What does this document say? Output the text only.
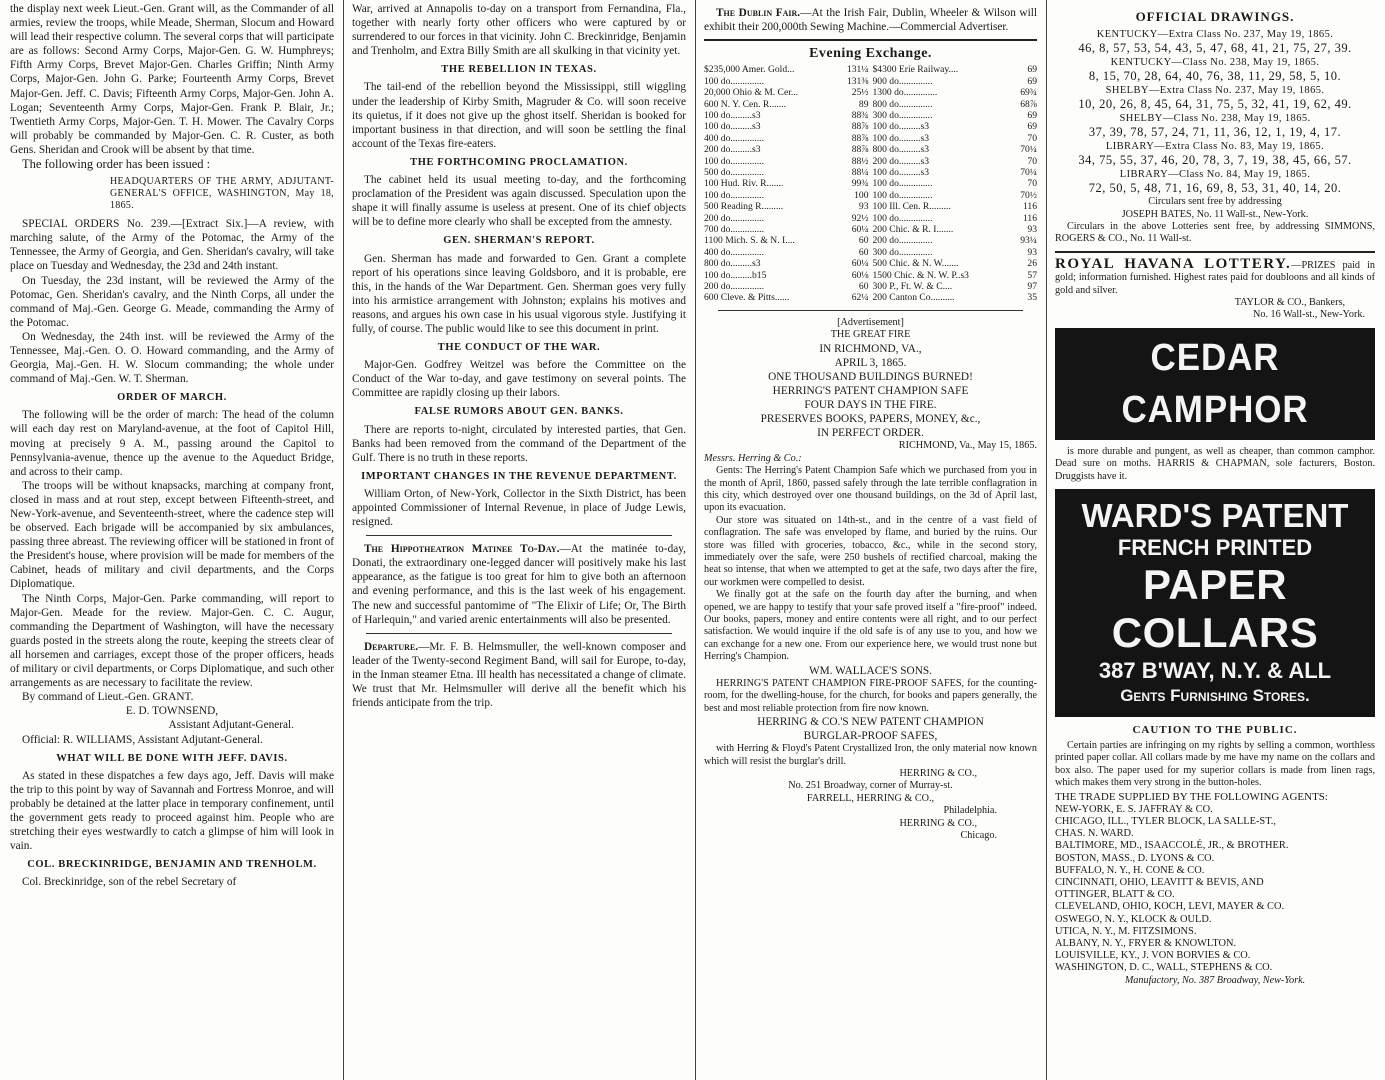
the display next week Lieut.-Gen. Grant will, as the Commander of all armies, review the troops, while Meade, Sherman, Slocum and Howard will lead their respective column. The several corps that will participate are as follows: Second Army Corps, Major-Gen. G. W. Humphreys; Fifth Army Corps, Brevet Major-Gen. Charles Griffin; Ninth Army Corps, Major-Gen. John G. Parke; Fourteenth Army Corps, Brevet Major-Gen. Jeff. C. Davis; Fifteenth Army Corps, Major-Gen. John A. Logan; Seventeenth Army Corps, Major-Gen. Frank P. Blair, Jr.; Twentieth Army Corps, Major-Gen. T. H. Mower. The Cavalry Corps will probably be commanded by Major-Gen. C. R. Custer, as both Gens. Sheridan and Crook will be absent by that time.

The following order has been issued :

HEADQUARTERS OF THE ARMY, ADJUTANT-GENERAL'S OFFICE, WASHINGTON, May 18, 1865.

SPECIAL ORDERS No. 239.—[Extract Six.]—A review, with marching salute, of the Army of the Potomac, the Army of the Tennessee, the Army of Georgia, and Gen. Sheridan's cavalry, will take place on Tuesday and Wednesday, the 23d and 24th instant.

On Tuesday, the 23d instant, will be reviewed the Army of the Potomac, Gen. Sheridan's cavalry, and the Ninth Corps, all under the command of Maj.-Gen. George G. Meade, commanding the Army of the Potomac.

On Wednesday, the 24th inst. will be reviewed the Army of the Tennessee, Maj.-Gen. O. O. Howard commanding, and the Army of Georgia, Maj.-Gen. H. W. Slocum commanding; the whole under command of Maj.-Gen. W. T. Sherman.

ORDER OF MARCH.

The following will be the order of march: The head of the column will each day rest on Maryland-avenue, at the foot of Capitol Hill, moving at precisely 9 A. M., passing around the Capitol to Pennsylvania-avenue, thence up the avenue to the Aqueduct Bridge, and across to their camp.

The troops will be without knapsacks, marching at company front, closed in mass and at rout step, except between Fifteenth-street, and New-York-avenue, and Seventeenth-street, where the cadence step will be observed. Each brigade will be accompanied by six ambulances, passing three abreast. The reviewing officer will be stationed in front of the President's house, where provision will be made for members of the Cabinet, heads of military and civil departments, and the Corps Diplomatique.

The Ninth Corps, Major-Gen. Parke commanding, will report to Major-Gen. Meade for the review. Major-Gen. C. C. Augur, commanding the Department of Washington, will have the necessary guards posted in the streets along the route, keeping the streets clear of all horsemen and carriages, except those of the proper officers, heads of military or civil departments, or Corps Diplomatique, and such other arrangements as are necessary to facilitate the review.

By command of Lieut.-Gen. GRANT.

E. D. TOWNSEND,

Assistant Adjutant-General.

Official: R. WILLIAMS, Assistant Adjutant-General.

WHAT WILL BE DONE WITH JEFF. DAVIS.

As stated in these dispatches a few days ago, Jeff. Davis will make the trip to this point by way of Savannah and Fortress Monroe, and will probably be detained at the latter place in temporary confinement, until the government gets ready to proceed against him. People who are stretching their eyes westwardly to catch a glimpse of him will look in vain.

COL. BRECKINRIDGE, BENJAMIN AND TRENHOLM.

Col. Breckinridge, son of the rebel Secretary of

War, arrived at Annapolis to-day on a transport from Fernandina, Fla., together with nearly forty other officers who were captured by or surrendered to our forces in that vicinity. John C. Breckinridge, Benjamin and Trenholm, and Extra Billy Smith are all skulking in that vicinity yet.

THE REBELLION IN TEXAS.

The tail-end of the rebellion beyond the Mississippi, still wiggling under the leadership of Kirby Smith, Magruder & Co. will soon receive its quietus, if it does not give up the ghost itself. Sheridan is booked for important business in that direction, and will soon be settling the final account of the Texas fire-eaters.

THE FORTHCOMING PROCLAMATION.

The cabinet held its usual meeting to-day, and the forthcoming proclamation of the President was again discussed. Speculation upon the shape it will finally assume is useless at present. One of its chief objects will be to define more clearly who shall be excepted from the amnesty.

GEN. SHERMAN'S REPORT.

Gen. Sherman has made and forwarded to Gen. Grant a complete report of his operations since leaving Goldsboro, and it is probable, ere this, in the hands of the War Department. Gen. Sherman goes very fully into his armistice arrangement with Johnston; explains his motives and reasons, and argues his own case in his usual vigorous style. Justifying it fully, of course. The public would like to see this document in print.

THE CONDUCT OF THE WAR.

Major-Gen. Godfrey Weitzel was before the Committee on the Conduct of the War to-day, and gave testimony on several points. The Committee are rapidly closing up their labors.

FALSE RUMORS ABOUT GEN. BANKS.

There are reports to-night, circulated by interested parties, that Gen. Banks had been removed from the command of the Department of the Gulf. There is no truth in these reports.

IMPORTANT CHANGES IN THE REVENUE DEPARTMENT.

William Orton, of New-York, Collector in the Sixth District, has been appointed Commissioner of Internal Revenue, in place of Judge Lewis, resigned.

The Hippotheatron Matinee To-Day.—At the matinée to-day, Donati, the extraordinary one-legged dancer will positively make his last appearance, as the fatigue is too great for him to give both an afternoon and evening performance, and this is the last week of his engagement. The new and successful pantomime of "The Elixir of Life; Or, The Birth of Harlequin," and varied arenic entertainments will also be presented.

Departure.—Mr. F. B. Helmsmuller, the well-known composer and leader of the Twenty-second Regiment Band, will sail for Europe, to-day, in the Inman steamer Etna. Ill health has necessitated a change of climate. We trust that Mr. Helmsmuller will derive all the benefit which his friends anticipate from the trip.

The Dublin Fair.—At the Irish Fair, Dublin, Wheeler & Wilson will exhibit their 200,000th Sewing Machine.—Commercial Advertiser.

Evening Exchange.
$235,000 Amer. Gold...	131¼
100 do..............	131⅜
20,000 Ohio & M. Cer...	25½
600 N. Y. Cen. R.......	89
100 do.........s3	88¾
100 do.........s3	88⅞
400 do..............	88⅞
200 do.........s3	88⅞
100 do..............	88½
500 do..............	88¼
100 Hud. Riv. R.......	99¾
100 do..............	100
500 Reading R.........	93
200 do..............	92½
700 do..............	60¼
1100 Mich. S. & N. I....	60
400 do..............	60
800 do.........s3	60¼
100 do.........b15	60⅛
200 do..............	60
600 Cleve. & Pitts......	62¼
$4300 Erie Railway....	69
900 do..............	69
1300 do..............	69¾
800 do..............	68⅞
300 do..............	69
100 do.........s3	69
100 do.........s3	70
800 do.........s3	70¼
200 do.........s3	70
100 do.........s3	70¼
100 do..............	70
100 do..............	70½
100 Ill. Cen. R.........	116
100 do..............	116
200 Chic. & R. I.......	93
200 do..............	93¼
300 do..............	93
500 Chic. & N. W.......	26
1500 Chic. & N. W. P..s3	57
300 P., Ft. W. & C....	97
200 Canton Co..........	35

[Advertisement]

THE GREAT FIRE

IN RICHMOND, VA.,

APRIL 3, 1865.

ONE THOUSAND BUILDINGS BURNED!

HERRING'S PATENT CHAMPION SAFE

FOUR DAYS IN THE FIRE.

PRESERVES BOOKS, PAPERS, MONEY, &c.,

IN PERFECT ORDER.

RICHMOND, Va., May 15, 1865.

Messrs. Herring & Co.:

Gents: The Herring's Patent Champion Safe which we purchased from you in the month of April, 1860, passed safely through the late terrible conflagration in this city, which destroyed over one thousand buildings, on the 3d of April last, upon its evacuation.

Our store was situated on 14th-st., and in the centre of a vast field of conflagration. The safe was enveloped by flame, and buried by the ruins. Our store was filled with groceries, tobacco, &c., while in the second story, immediately over the safe, were 250 bushels of rectified charcoal, making the heat so intense, that when we attempted to get at the safe, two days after the fire, our workmen were compelled to desist.

We finally got at the safe on the fourth day after the burning, and when opened, we are happy to testify that your safe proved itself a "fire-proof" indeed. Our books, papers, money and entire contents were all right, and to our perfect satisfaction. We would inquire if the old safe is of any use to you, and how we can exchange for a new one. From our experience here, we would trust none but Herring's Champion.

WM. WALLACE'S SONS.

HERRING'S PATENT CHAMPION FIRE-PROOF SAFES, for the counting-room, for the dwelling-house, for the church, for books and papers generally, the best and most reliable protection from fire now known.

HERRING & CO.'S NEW PATENT CHAMPION

BURGLAR-PROOF SAFES,

with Herring & Floyd's Patent Crystallized Iron, the only material now known which will resist the burglar's drill.

HERRING & CO.,

No. 251 Broadway, corner of Murray-st.

FARRELL, HERRING & CO.,

Philadelphia.

HERRING & CO.,

Chicago.

OFFICIAL DRAWINGS.
KENTUCKY—Extra Class No. 237, May 19, 1865.
46, 8, 57, 53, 54, 43, 5, 47, 68, 41, 21, 75, 27, 39.
KENTUCKY—Class No. 238, May 19, 1865.
8, 15, 70, 28, 64, 40, 76, 38, 11, 29, 58, 5, 10.
SHELBY—Extra Class No. 237, May 19, 1865.
10, 20, 26, 8, 45, 64, 31, 75, 5, 32, 41, 19, 62, 49.
SHELBY—Class No. 238, May 19, 1865.
37, 39, 78, 57, 24, 71, 11, 36, 12, 1, 19, 4, 17.
LIBRARY—Extra Class No. 83, May 19, 1865.
34, 75, 55, 37, 46, 20, 78, 3, 7, 19, 38, 45, 66, 57.
LIBRARY—Class No. 84, May 19, 1865.
72, 50, 5, 48, 71, 16, 69, 8, 53, 31, 40, 14, 20.

Circulars sent free by addressing

JOSEPH BATES, No. 11 Wall-st., New-York.

Circulars in the above Lotteries sent free, by addressing SIMMONS, ROGERS & CO., No. 11 Wall-st.

ROYAL HAVANA LOTTERY.—PRIZES paid in gold; information furnished. Highest rates paid for doubloons and all kinds of gold and silver.

TAYLOR & CO., Bankers,

No. 16 Wall-st., New-York.

CEDAR CAMPHOR

is more durable and pungent, as well as cheaper, than common camphor. Dead sure on moths. HARRIS & CHAPMAN, sole facturers, Boston. Druggists have it.

WARD'S PATENT
FRENCH PRINTED
PAPER COLLARS
387 B'WAY, N.Y. & ALL
Gents Furnishing Stores.
CAUTION TO THE PUBLIC.

Certain parties are infringing on my rights by selling a common, worthless printed paper collar. All collars made by me have my name on the collars and box also. The paper used for my superior collars is made from linen rags, which makes them very strong in the button-holes.

THE TRADE SUPPLIED BY THE FOLLOWING AGENTS:

NEW-YORK, E. S. JAFFRAY & CO.
CHICAGO, ILL., TYLER BLOCK, LA SALLE-ST.,
CHAS. N. WARD.
BALTIMORE, MD., ISAACCOLÉ, JR., & BROTHER.
BOSTON, MASS., D. LYONS & CO.
BUFFALO, N. Y., H. CONE & CO.
CINCINNATI, OHIO, LEAVITT & BEVIS, AND
OTTINGER, BLATT & CO.
CLEVELAND, OHIO, KOCH, LEVI, MAYER & CO.
OSWEGO, N. Y., KLOCK & OULD.
UTICA, N. Y., M. FITZSIMONS.
ALBANY, N. Y., FRYER & KNOWLTON.
LOUISVILLE, KY., J. VON BORVIES & CO.
WASHINGTON, D. C., WALL, STEPHENS & CO.

Manufactory, No. 387 Broadway, New-York.
